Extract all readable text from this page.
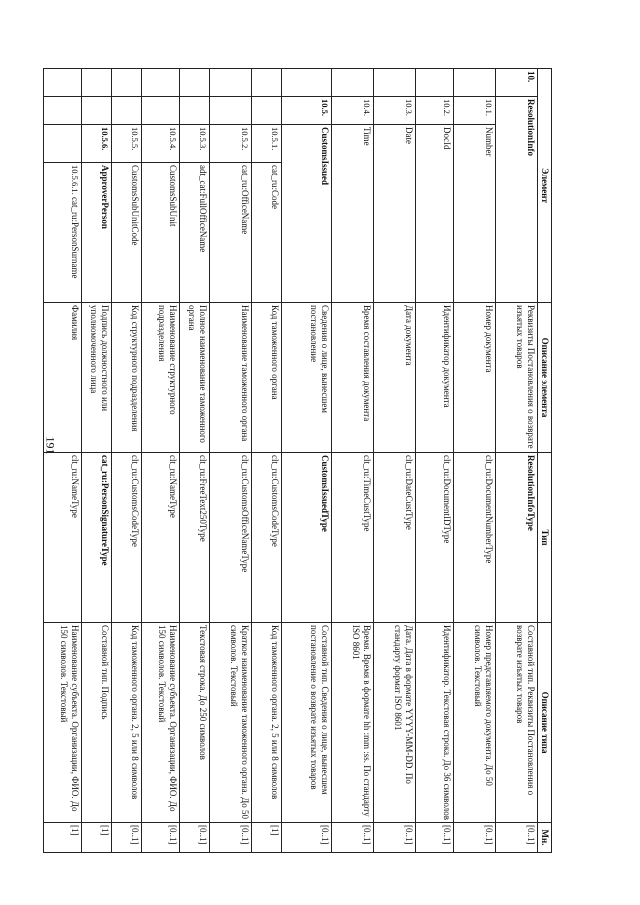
191
Элемент				Описание элемента	Тип	Описание типа	Мн.
10.	ResolutionInfo			Реквизиты Постановления о возврате изъятых товаров	ResolutionInfoType	Составной тип. Реквизиты Постановления о возврате изъятых товаров	[0..1]
	10.1.	Number		Номер документа	clt_ru:DocumentNumberType	Номер представляемого документа. До 50 символов. Текстовый	[0..1]
	10.2.	DocId		Идентификатор документа	clt_ru:DocumentIDType	Идентификатор. Текстовая строка. До 36 символов	[0..1]
	10.3.	Date		Дата документа	clt_ru:DateCustType	Дата. Дата в формате YYYY-MM-DD. По стандарту формат ISO 8601	[0..1]
	10.4.	Time		Время составления документа	clt_ru:TimeCustType	Время. Время в формате hh :mm :ss. По стандарту ISO 8601	[0..1]
	10.5.	CustomsIssued		Сведения о лице, вынесшем постановление	CustomsIssuedType	Составной тип. Сведения о лице, вынесшем постановление о возврате изъятых товаров	[0..1]
		10.5.1.	cat_ru:Code	Код таможенного органа	clt_ru:CustomsCodeType	Код таможенного органа. 2, 5 или 8 символов	[1]
		10.5.2.	cat_ru:OfficeName	Наименование таможенного органа	clt_ru:CustomsOfficeNameType	Краткое наименование таможенного органа. До 50 символов. Текстовый	[0..1]
		10.5.3.	adt_cat:FullOfficeName	Полное наименование таможенного органа	clt_ru:FreeText250Type	Текстовая строка. До 250 символов	[0..1]
		10.5.4.	CustomsSubUnit	Наименование структурного подразделения	clt_ru:NameType	Наименование субъекта. Организации, ФИО. До 150 символов. Текстовый	[0..1]
		10.5.5.	CustomsSubUnitCode	Код структурного подразделения	clt_ru:CustomsCodeType	Код таможенного органа. 2, 5 или 8 символов	[0..1]
		10.5.6.	ApproverPerson	Подпись должностного или уполномоченного лица	cat_ru:PersonSignatureType	Составной тип. Подпись	[1]
			10.5.6.1. cat_ru:PersonSurname	Фамилия	clt_ru:NameType	Наименование субъекта. Организации, ФИО. До 150 символов. Текстовый	[1]
